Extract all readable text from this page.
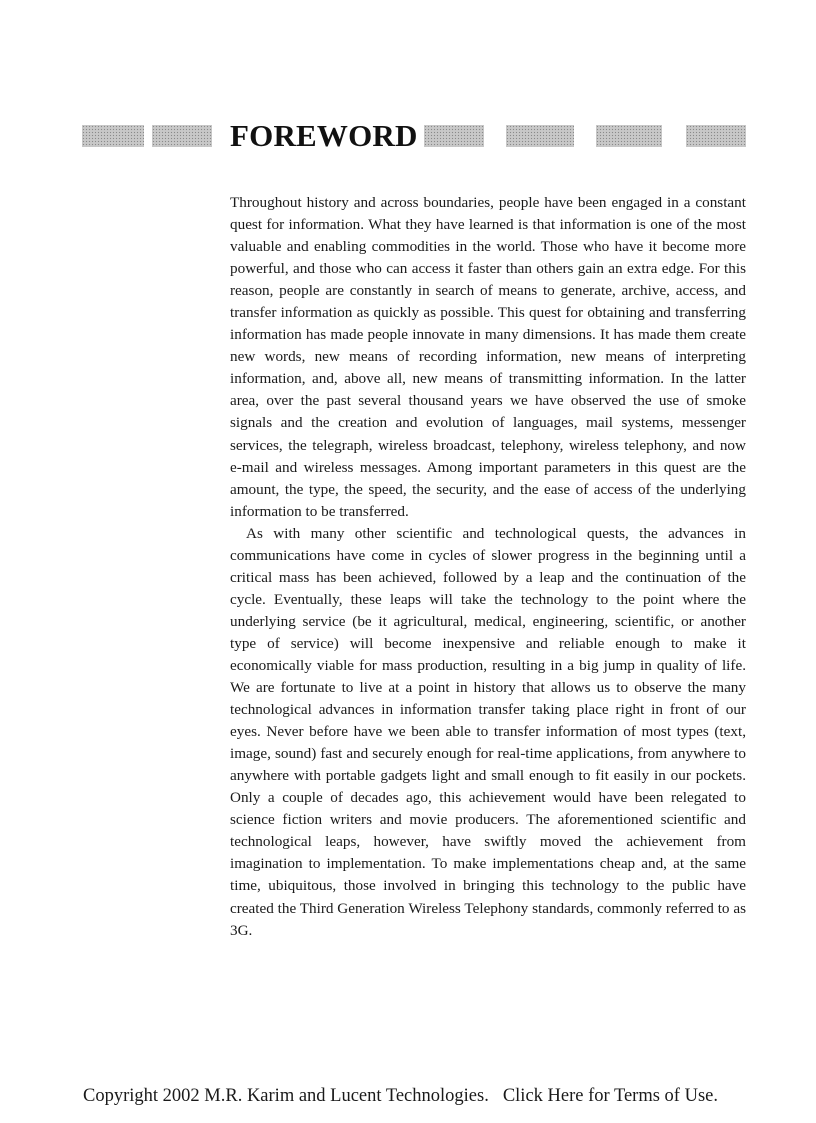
FOREWORD

Throughout history and across boundaries, people have been engaged in a constant quest for information. What they have learned is that information is one of the most valuable and enabling commodities in the world. Those who have it become more powerful, and those who can access it faster than others gain an extra edge. For this reason, people are constantly in search of means to generate, archive, access, and transfer information as quickly as possible. This quest for obtaining and transferring information has made people innovate in many dimensions. It has made them create new words, new means of recording information, new means of interpreting information, and, above all, new means of transmitting information. In the latter area, over the past several thousand years we have observed the use of smoke signals and the creation and evolution of languages, mail systems, messenger services, the telegraph, wireless broadcast, telephony, wireless telephony, and now e-mail and wireless messages. Among important parameters in this quest are the amount, the type, the speed, the security, and the ease of access of the underlying information to be transferred.

As with many other scientific and technological quests, the advances in communications have come in cycles of slower progress in the beginning until a critical mass has been achieved, followed by a leap and the continuation of the cycle. Eventually, these leaps will take the technology to the point where the underlying service (be it agricultural, medical, engineering, scientific, or another type of service) will become inexpensive and reliable enough to make it economically viable for mass production, resulting in a big jump in quality of life. We are fortunate to live at a point in history that allows us to observe the many technological advances in information transfer taking place right in front of our eyes. Never before have we been able to transfer information of most types (text, image, sound) fast and securely enough for real-time applications, from anywhere to anywhere with portable gadgets light and small enough to fit easily in our pockets. Only a couple of decades ago, this achievement would have been relegated to science fiction writers and movie producers. The aforementioned scientific and technological leaps, however, have swiftly moved the achievement from imagination to implementation. To make implementations cheap and, at the same time, ubiquitous, those involved in bringing this technology to the public have created the Third Generation Wireless Telephony standards, commonly referred to as 3G.

Copyright 2002 M.R. Karim and Lucent Technologies. Click Here for Terms of Use.
